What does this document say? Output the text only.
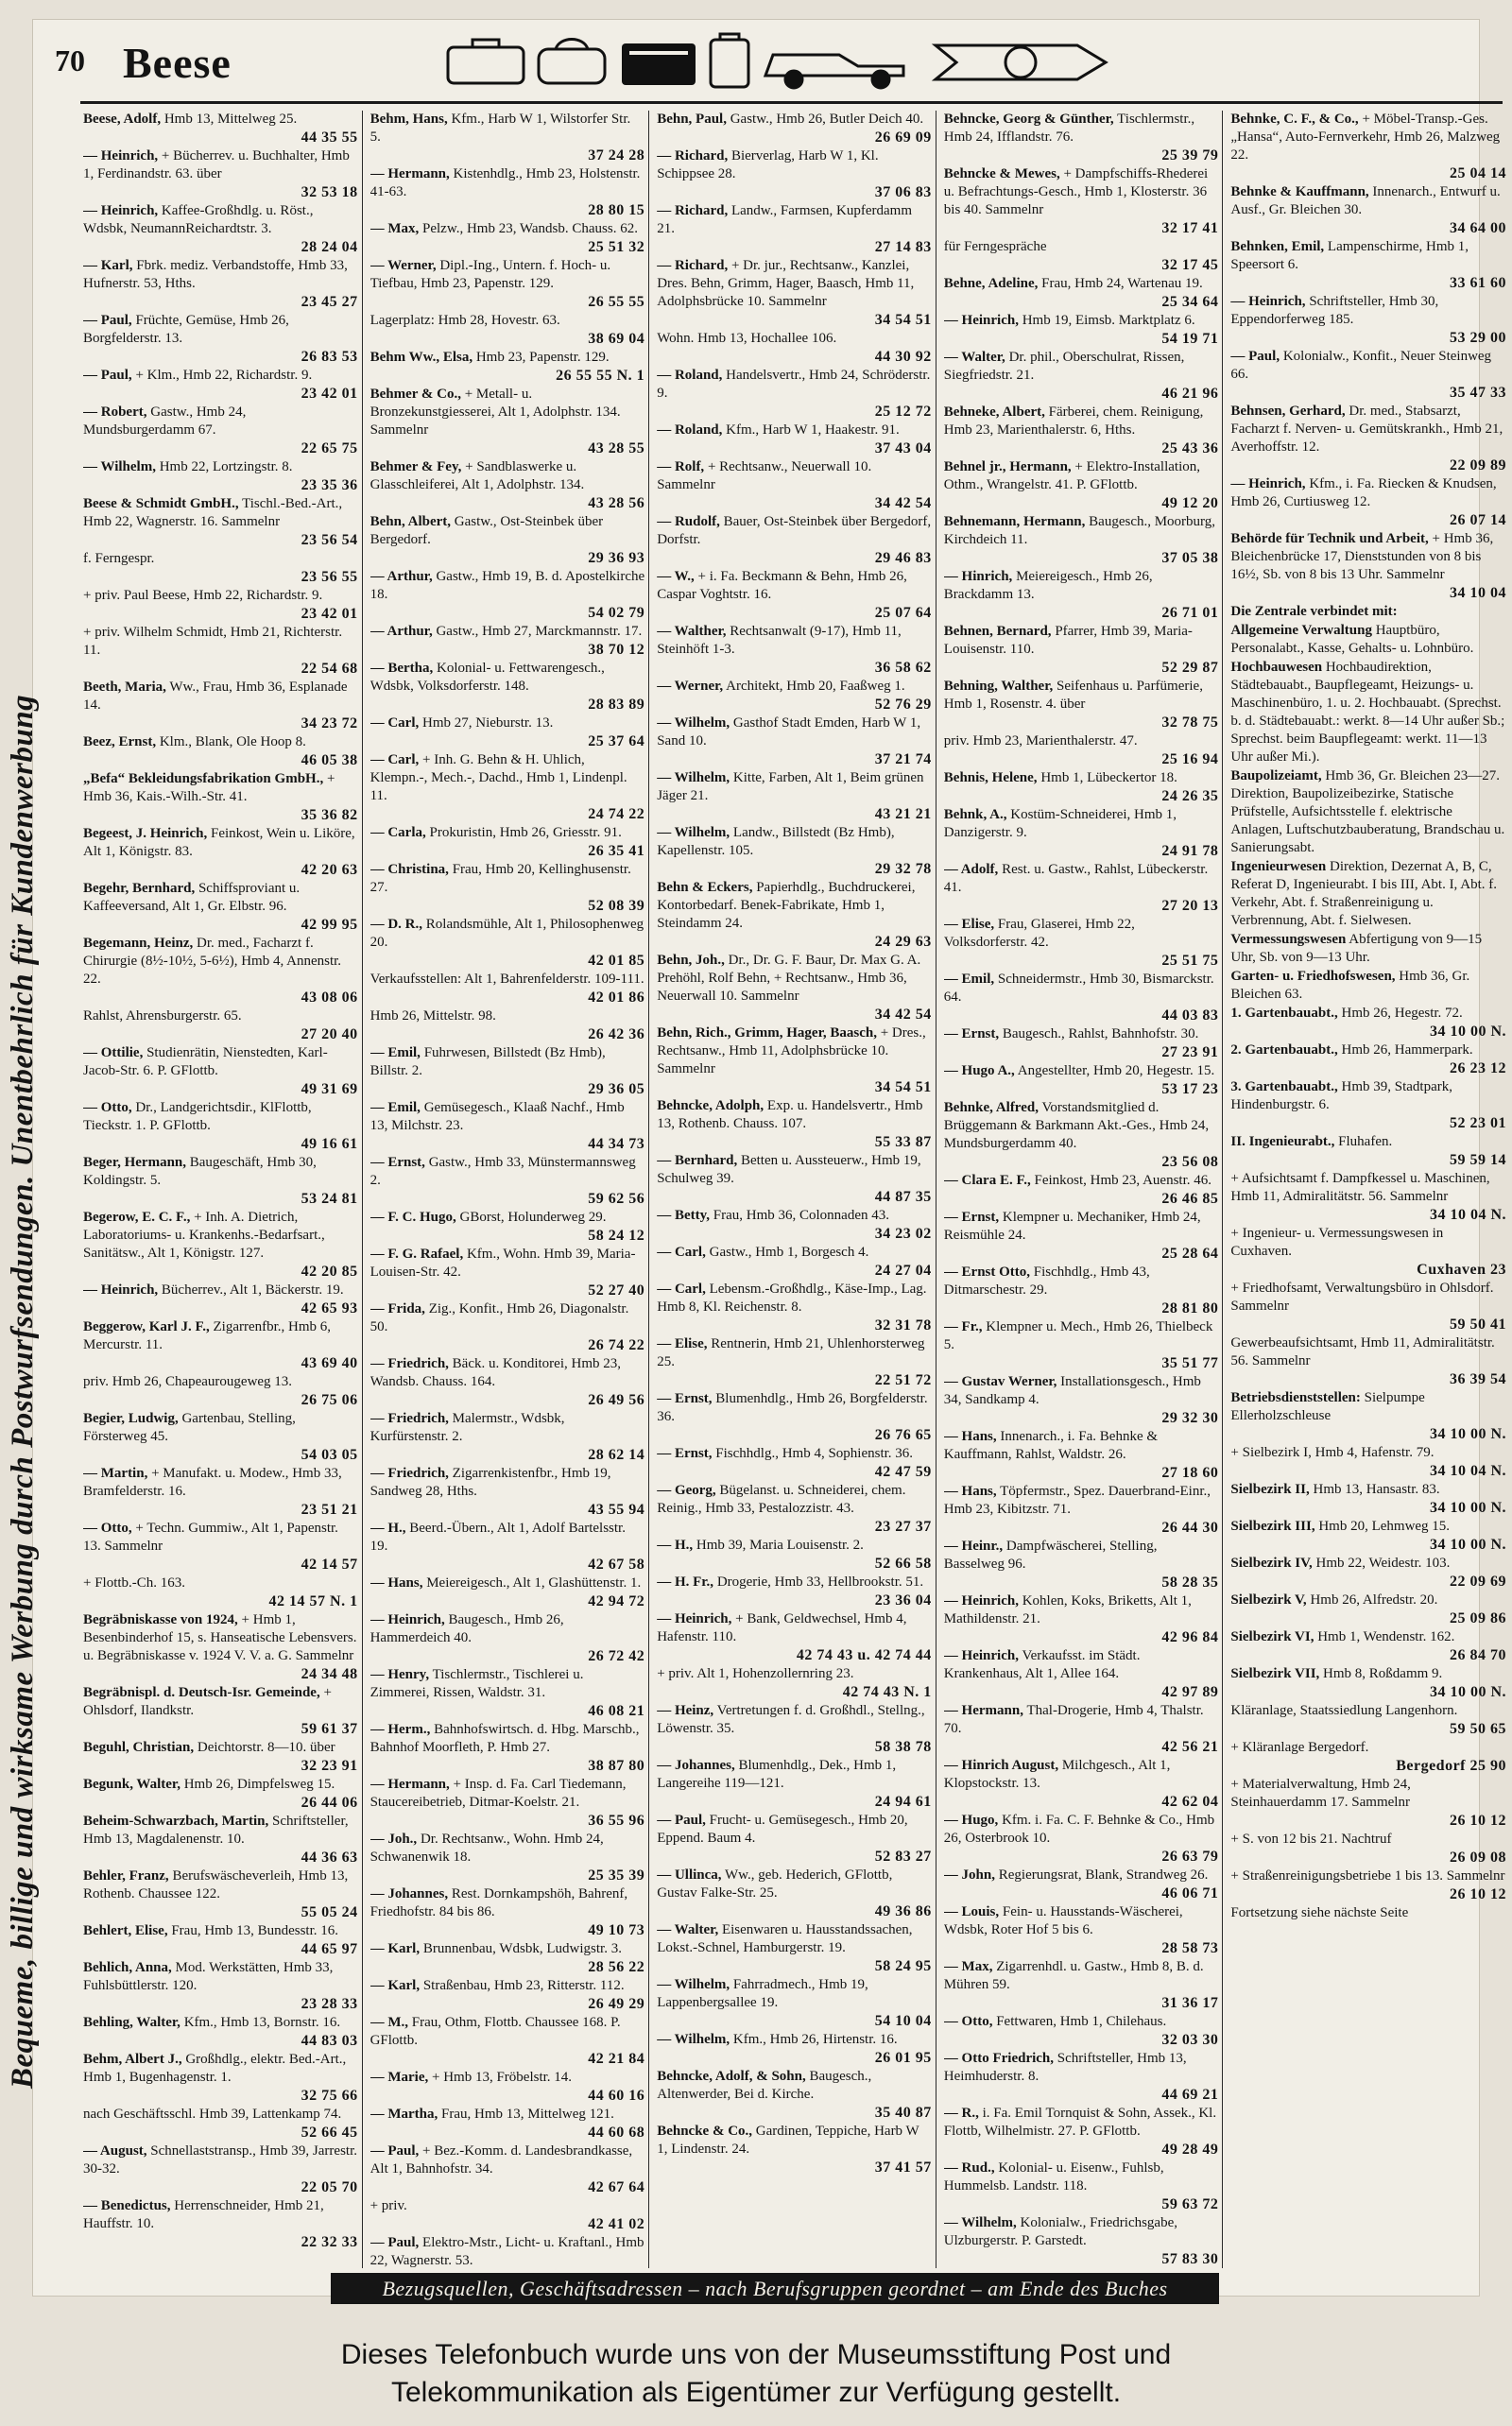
70 Beese
Bequeme, billige und wirksame Werbung durch Postwurfsendungen. Unentbehrlich für Kundenwerbung
Beese, Adolf, Hmb 13, Mittelweg 25.
44 35 55
— Heinrich, + Bücherrev. u. Buchhalter, Hmb 1, Ferdinandstr. 63. über
32 53 18
— Heinrich, Kaffee-Großhdlg. u. Röst., Wdsbk, NeumannReichardtstr. 3.
28 24 04
— Karl, Fbrk. mediz. Verbandstoffe, Hmb 33, Hufnerstr. 53, Hths.
23 45 27
— Paul, Früchte, Gemüse, Hmb 26, Borgfelderstr. 13.
26 83 53
— Paul, + Klm., Hmb 22, Richardstr. 9.
23 42 01
— Robert, Gastw., Hmb 24, Mundsburgerdamm 67.
22 65 75
— Wilhelm, Hmb 22, Lortzingstr. 8.
23 35 36
Beese & Schmidt GmbH., Tischl.-Bed.-Art., Hmb 22, Wagnerstr. 16. Sammelnr
23 56 54
f. Ferngespr.
23 56 55
+ priv. Paul Beese, Hmb 22, Richardstr. 9.
23 42 01
+ priv. Wilhelm Schmidt, Hmb 21, Richterstr. 11.
22 54 68
Beeth, Maria, Ww., Frau, Hmb 36, Esplanade 14.
34 23 72
Beez, Ernst, Klm., Blank, Ole Hoop 8.
46 05 38
„Befa“ Bekleidungsfabrikation GmbH., + Hmb 36, Kais.-Wilh.-Str. 41.
35 36 82
Begeest, J. Heinrich, Feinkost, Wein u. Liköre, Alt 1, Königstr. 83.
42 20 63
Begehr, Bernhard, Schiffsproviant u. Kaffeeversand, Alt 1, Gr. Elbstr. 96.
42 99 95
Begemann, Heinz, Dr. med., Facharzt f. Chirurgie (8½-10½, 5-6½), Hmb 4, Annenstr. 22.
43 08 06
Rahlst, Ahrensburgerstr. 65.
27 20 40
— Ottilie, Studienrätin, Nienstedten, Karl-Jacob-Str. 6. P. GFlottb.
49 31 69
— Otto, Dr., Landgerichtsdir., KlFlottb, Tieckstr. 1. P. GFlottb.
49 16 61
Beger, Hermann, Baugeschäft, Hmb 30, Koldingstr. 5.
53 24 81
Begerow, E. C. F., + Inh. A. Dietrich, Laboratoriums- u. Krankenhs.-Bedarfsart., Sanitätsw., Alt 1, Königstr. 127.
42 20 85
— Heinrich, Bücherrev., Alt 1, Bäckerstr. 19.
42 65 93
Beggerow, Karl J. F., Zigarrenfbr., Hmb 6, Mercurstr. 11.
43 69 40
priv. Hmb 26, Chapeaurougeweg 13.
26 75 06
Begier, Ludwig, Gartenbau, Stelling, Försterweg 45.
54 03 05
— Martin, + Manufakt. u. Modew., Hmb 33, Bramfelderstr. 16.
23 51 21
— Otto, + Techn. Gummiw., Alt 1, Papenstr. 13. Sammelnr
42 14 57
+ Flottb.-Ch. 163.
42 14 57 N. 1
Begräbniskasse von 1924, + Hmb 1, Besenbinderhof 15, s. Hanseatische Lebensvers. u. Begräbniskasse v. 1924 V. V. a. G. Sammelnr
24 34 48
Begräbnispl. d. Deutsch-Isr. Gemeinde, + Ohlsdorf, Ilandkstr.
59 61 37
Beguhl, Christian, Deichtorstr. 8—10. über
32 23 91
Begunk, Walter, Hmb 26, Dimpfelsweg 15.
26 44 06
Beheim-Schwarzbach, Martin, Schriftsteller, Hmb 13, Magdalenenstr. 10.
44 36 63
Behler, Franz, Berufswäscheverleih, Hmb 13, Rothenb. Chaussee 122.
55 05 24
Behlert, Elise, Frau, Hmb 13, Bundesstr. 16.
44 65 97
Behlich, Anna, Mod. Werkstätten, Hmb 33, Fuhlsbüttlerstr. 120.
23 28 33
Behling, Walter, Kfm., Hmb 13, Bornstr. 16.
44 83 03
Behm, Albert J., Großhdlg., elektr. Bed.-Art., Hmb 1, Bugenhagenstr. 1.
32 75 66
nach Geschäftsschl. Hmb 39, Lattenkamp 74.
52 66 45
— August, Schnellaststransp., Hmb 39, Jarrestr. 30-32.
22 05 70
— Benedictus, Herrenschneider, Hmb 21, Hauffstr. 10.
22 32 33
Behm, Hans, Kfm., Harb W 1, Wilstorfer Str. 5.
37 24 28
— Hermann, Kistenhdlg., Hmb 23, Holstenstr. 41-63.
28 80 15
— Max, Pelzw., Hmb 23, Wandsb. Chauss. 62.
25 51 32
— Werner, Dipl.-Ing., Untern. f. Hoch- u. Tiefbau, Hmb 23, Papenstr. 129.
26 55 55
Lagerplatz: Hmb 28, Hovestr. 63.
38 69 04
Behm Ww., Elsa, Hmb 23, Papenstr. 129.
26 55 55 N. 1
Behmer & Co., + Metall- u. Bronzekunstgiesserei, Alt 1, Adolphstr. 134. Sammelnr
43 28 55
Behmer & Fey, + Sandblaswerke u. Glasschleiferei, Alt 1, Adolphstr. 134.
43 28 56
Behn, Albert, Gastw., Ost-Steinbek über Bergedorf.
29 36 93
— Arthur, Gastw., Hmb 19, B. d. Apostelkirche 18.
54 02 79
— Arthur, Gastw., Hmb 27, Marckmannstr. 17.
38 70 12
— Bertha, Kolonial- u. Fettwarengesch., Wdsbk, Volksdorferstr. 148.
28 83 89
— Carl, Hmb 27, Nieburstr. 13.
25 37 64
— Carl, + Inh. G. Behn & H. Uhlich, Klempn.-, Mech.-, Dachd., Hmb 1, Lindenpl. 11.
24 74 22
— Carla, Prokuristin, Hmb 26, Griesstr. 91.
26 35 41
— Christina, Frau, Hmb 20, Kellinghusenstr. 27.
52 08 39
— D. R., Rolandsmühle, Alt 1, Philosophenweg 20.
42 01 85
Verkaufsstellen: Alt 1, Bahrenfelderstr. 109-111.
42 01 86
Hmb 26, Mittelstr. 98.
26 42 36
— Emil, Fuhrwesen, Billstedt (Bz Hmb), Billstr. 2.
29 36 05
— Emil, Gemüsegesch., Klaaß Nachf., Hmb 13, Milchstr. 23.
44 34 73
— Ernst, Gastw., Hmb 33, Münstermannsweg 2.
59 62 56
— F. C. Hugo, GBorst, Holunderweg 29.
58 24 12
— F. G. Rafael, Kfm., Wohn. Hmb 39, Maria-Louisen-Str. 42.
52 27 40
— Frida, Zig., Konfit., Hmb 26, Diagonalstr. 50.
26 74 22
— Friedrich, Bäck. u. Konditorei, Hmb 23, Wandsb. Chauss. 164.
26 49 56
— Friedrich, Malermstr., Wdsbk, Kurfürstenstr. 2.
28 62 14
— Friedrich, Zigarrenkistenfbr., Hmb 19, Sandweg 28, Hths.
43 55 94
— H., Beerd.-Übern., Alt 1, Adolf Bartelsstr. 19.
42 67 58
— Hans, Meiereigesch., Alt 1, Glashüttenstr. 1.
42 94 72
— Heinrich, Baugesch., Hmb 26, Hammerdeich 40.
26 72 42
— Henry, Tischlermstr., Tischlerei u. Zimmerei, Rissen, Waldstr. 31.
46 08 21
— Herm., Bahnhofswirtsch. d. Hbg. Marschb., Bahnhof Moorfleth, P. Hmb 27.
38 87 80
— Hermann, + Insp. d. Fa. Carl Tiedemann, Staucereibetrieb, Ditmar-Koelstr. 21.
36 55 96
— Joh., Dr. Rechtsanw., Wohn. Hmb 24, Schwanenwik 18.
25 35 39
— Johannes, Rest. Dornkampshöh, Bahrenf, Friedhofstr. 84 bis 86.
49 10 73
— Karl, Brunnenbau, Wdsbk, Ludwigstr. 3.
28 56 22
— Karl, Straßenbau, Hmb 23, Ritterstr. 112.
26 49 29
— M., Frau, Othm, Flottb. Chaussee 168. P. GFlottb.
42 21 84
— Marie, + Hmb 13, Fröbelstr. 14.
44 60 16
— Martha, Frau, Hmb 13, Mittelweg 121.
44 60 68
— Paul, + Bez.-Komm. d. Landesbrandkasse, Alt 1, Bahnhofstr. 34.
42 67 64
+ priv.
42 41 02
— Paul, Elektro-Mstr., Licht- u. Kraftanl., Hmb 22, Wagnerstr. 53.
Behn, Paul, Gastw., Hmb 26, Butler Deich 40.
26 69 09
— Richard, Bierverlag, Harb W 1, Kl. Schippsee 28.
37 06 83
— Richard, Landw., Farmsen, Kupferdamm 21.
27 14 83
— Richard, + Dr. jur., Rechtsanw., Kanzlei, Dres. Behn, Grimm, Hager, Baasch, Hmb 11, Adolphsbrücke 10. Sammelnr
34 54 51
Wohn. Hmb 13, Hochallee 106.
44 30 92
— Roland, Handelsvertr., Hmb 24, Schröderstr. 9.
25 12 72
— Roland, Kfm., Harb W 1, Haakestr. 91.
37 43 04
— Rolf, + Rechtsanw., Neuerwall 10. Sammelnr
34 42 54
— Rudolf, Bauer, Ost-Steinbek über Bergedorf, Dorfstr.
29 46 83
— W., + i. Fa. Beckmann & Behn, Hmb 26, Caspar Voghtstr. 16.
25 07 64
— Walther, Rechtsanwalt (9-17), Hmb 11, Steinhöft 1-3.
36 58 62
— Werner, Architekt, Hmb 20, Faaßweg 1.
52 76 29
— Wilhelm, Gasthof Stadt Emden, Harb W 1, Sand 10.
37 21 74
— Wilhelm, Kitte, Farben, Alt 1, Beim grünen Jäger 21.
43 21 21
— Wilhelm, Landw., Billstedt (Bz Hmb), Kapellenstr. 105.
29 32 78
Behn & Eckers, Papierhdlg., Buchdruckerei, Kontorbedarf. Benek-Fabrikate, Hmb 1, Steindamm 24.
24 29 63
Behn, Joh., Dr., Dr. G. F. Baur, Dr. Max G. A. Prehöhl, Rolf Behn, + Rechtsanw., Hmb 36, Neuerwall 10. Sammelnr
34 42 54
Behn, Rich., Grimm, Hager, Baasch, + Dres., Rechtsanw., Hmb 11, Adolphsbrücke 10. Sammelnr
34 54 51
Behncke, Adolph, Exp. u. Handelsvertr., Hmb 13, Rothenb. Chauss. 107.
55 33 87
— Bernhard, Betten u. Aussteuerw., Hmb 19, Schulweg 39.
44 87 35
— Betty, Frau, Hmb 36, Colonnaden 43.
34 23 02
— Carl, Gastw., Hmb 1, Borgesch 4.
24 27 04
— Carl, Lebensm.-Großhdlg., Käse-Imp., Lag. Hmb 8, Kl. Reichenstr. 8.
32 31 78
— Elise, Rentnerin, Hmb 21, Uhlenhorsterweg 25.
22 51 72
— Ernst, Blumenhdlg., Hmb 26, Borgfelderstr. 36.
26 76 65
— Ernst, Fischhdlg., Hmb 4, Sophienstr. 36.
42 47 59
— Georg, Bügelanst. u. Schneiderei, chem. Reinig., Hmb 33, Pestalozzistr. 43.
23 27 37
— H., Hmb 39, Maria Louisenstr. 2.
52 66 58
— H. Fr., Drogerie, Hmb 33, Hellbrookstr. 51.
23 36 04
— Heinrich, + Bank, Geldwechsel, Hmb 4, Hafenstr. 110.
42 74 43 u. 42 74 44
+ priv. Alt 1, Hohenzollernring 23.
42 74 43 N. 1
— Heinz, Vertretungen f. d. Großhdl., Stellng., Löwenstr. 35.
58 38 78
— Johannes, Blumenhdlg., Dek., Hmb 1, Langereihe 119—121.
24 94 61
— Paul, Frucht- u. Gemüsegesch., Hmb 20, Eppend. Baum 4.
52 83 27
— Ullinca, Ww., geb. Hederich, GFlottb, Gustav Falke-Str. 25.
49 36 86
— Walter, Eisenwaren u. Hausstandssachen, Lokst.-Schnel, Hamburgerstr. 19.
58 24 95
— Wilhelm, Fahrradmech., Hmb 19, Lappenbergsallee 19.
54 10 04
— Wilhelm, Kfm., Hmb 26, Hirtenstr. 16.
26 01 95
Behncke, Adolf, & Sohn, Baugesch., Altenwerder, Bei d. Kirche.
35 40 87
Behncke & Co., Gardinen, Teppiche, Harb W 1, Lindenstr. 24.
37 41 57
Behncke, Georg & Günther, Tischlermstr., Hmb 24, Ifflandstr. 76.
25 39 79
Behncke & Mewes, + Dampfschiffs-Rhederei u. Befrachtungs-Gesch., Hmb 1, Klosterstr. 36 bis 40. Sammelnr
32 17 41
für Ferngespräche
32 17 45
Behne, Adeline, Frau, Hmb 24, Wartenau 19.
25 34 64
— Heinrich, Hmb 19, Eimsb. Marktplatz 6.
54 19 71
— Walter, Dr. phil., Oberschulrat, Rissen, Siegfriedstr. 21.
46 21 96
Behneke, Albert, Färberei, chem. Reinigung, Hmb 23, Marienthalerstr. 6, Hths.
25 43 36
Behnel jr., Hermann, + Elektro-Installation, Othm., Wrangelstr. 41. P. GFlottb.
49 12 20
Behnemann, Hermann, Baugesch., Moorburg, Kirchdeich 11.
37 05 38
— Hinrich, Meiereigesch., Hmb 26, Brackdamm 13.
26 71 01
Behnen, Bernard, Pfarrer, Hmb 39, Maria-Louisenstr. 110.
52 29 87
Behning, Walther, Seifenhaus u. Parfümerie, Hmb 1, Rosenstr. 4. über
32 78 75
priv. Hmb 23, Marienthalerstr. 47.
25 16 94
Behnis, Helene, Hmb 1, Lübeckertor 18.
24 26 35
Behnk, A., Kostüm-Schneiderei, Hmb 1, Danzigerstr. 9.
24 91 78
— Adolf, Rest. u. Gastw., Rahlst, Lübeckerstr. 41.
27 20 13
— Elise, Frau, Glaserei, Hmb 22, Volksdorferstr. 42.
25 51 75
— Emil, Schneidermstr., Hmb 30, Bismarckstr. 64.
44 03 83
— Ernst, Baugesch., Rahlst, Bahnhofstr. 30.
27 23 91
— Hugo A., Angestellter, Hmb 20, Hegestr. 15.
53 17 23
Behnke, Alfred, Vorstandsmitglied d. Brüggemann & Barkmann Akt.-Ges., Hmb 24, Mundsburgerdamm 40.
23 56 08
— Clara E. F., Feinkost, Hmb 23, Auenstr. 46.
26 46 85
— Ernst, Klempner u. Mechaniker, Hmb 24, Reismühle 24.
25 28 64
— Ernst Otto, Fischhdlg., Hmb 43, Ditmarschestr. 29.
28 81 80
— Fr., Klempner u. Mech., Hmb 26, Thielbeck 5.
35 51 77
— Gustav Werner, Installationsgesch., Hmb 34, Sandkamp 4.
29 32 30
— Hans, Innenarch., i. Fa. Behnke & Kauffmann, Rahlst, Waldstr. 26.
27 18 60
— Hans, Töpfermstr., Spez. Dauerbrand-Einr., Hmb 23, Kibitzstr. 71.
26 44 30
— Heinr., Dampfwäscherei, Stelling, Basselweg 96.
58 28 35
— Heinrich, Kohlen, Koks, Briketts, Alt 1, Mathildenstr. 21.
42 96 84
— Heinrich, Verkaufsst. im Städt. Krankenhaus, Alt 1, Allee 164.
42 97 89
— Hermann, Thal-Drogerie, Hmb 4, Thalstr. 70.
42 56 21
— Hinrich August, Milchgesch., Alt 1, Klopstockstr. 13.
42 62 04
— Hugo, Kfm. i. Fa. C. F. Behnke & Co., Hmb 26, Osterbrook 10.
26 63 79
— John, Regierungsrat, Blank, Strandweg 26.
46 06 71
— Louis, Fein- u. Hausstands-Wäscherei, Wdsbk, Roter Hof 5 bis 6.
28 58 73
— Max, Zigarrenhdl. u. Gastw., Hmb 8, B. d. Mühren 59.
31 36 17
— Otto, Fettwaren, Hmb 1, Chilehaus.
32 03 30
— Otto Friedrich, Schriftsteller, Hmb 13, Heimhuderstr. 8.
44 69 21
— R., i. Fa. Emil Tornquist & Sohn, Assek., Kl. Flottb, Wilhelmistr. 27. P. GFlottb.
49 28 49
— Rud., Kolonial- u. Eisenw., Fuhlsb, Hummelsb. Landstr. 118.
59 63 72
— Wilhelm, Kolonialw., Friedrichsgabe, Ulzburgerstr. P. Garstedt.
57 83 30
Behnke, C. F., & Co., + Möbel-Transp.-Ges. „Hansa“, Auto-Fernverkehr, Hmb 26, Malzweg 22.
25 04 14
Behnke & Kauffmann, Innenarch., Entwurf u. Ausf., Gr. Bleichen 30.
34 64 00
Behnken, Emil, Lampenschirme, Hmb 1, Speersort 6.
33 61 60
— Heinrich, Schriftsteller, Hmb 30, Eppendorferweg 185.
53 29 00
— Paul, Kolonialw., Konfit., Neuer Steinweg 66.
35 47 33
Behnsen, Gerhard, Dr. med., Stabsarzt, Facharzt f. Nerven- u. Gemütskrankh., Hmb 21, Averhoffstr. 12.
22 09 89
— Heinrich, Kfm., i. Fa. Riecken & Knudsen, Hmb 26, Curtiusweg 12.
26 07 14
Behörde für Technik und Arbeit, + Hmb 36, Bleichenbrücke 17, Dienststunden von 8 bis 16½, Sb. von 8 bis 13 Uhr. Sammelnr
34 10 04
Die Zentrale verbindet mit:
Allgemeine Verwaltung Hauptbüro, Personalabt., Kasse, Gehalts- u. Lohnbüro.
Hochbauwesen Hochbaudirektion, Städtebauabt., Baupflegeamt, Heizungs- u. Maschinenbüro, 1. u. 2. Hochbauabt. (Sprechst. b. d. Städtebauabt.: werkt. 8—14 Uhr außer Sb.; Sprechst. beim Baupflegeamt: werkt. 11—13 Uhr außer Mi.).
Baupolizeiamt, Hmb 36, Gr. Bleichen 23—27. Direktion, Baupolizeibezirke, Statische Prüfstelle, Aufsichtsstelle f. elektrische Anlagen, Luftschutzbauberatung, Brandschau u. Sanierungsabt.
Ingenieurwesen Direktion, Dezernat A, B, C, Referat D, Ingenieurabt. I bis III, Abt. I, Abt. f. Verkehr, Abt. f. Straßenreinigung u. Verbrennung, Abt. f. Sielwesen.
Vermessungswesen Abfertigung von 9—15 Uhr, Sb. von 9—13 Uhr.
Garten- u. Friedhofswesen, Hmb 36, Gr. Bleichen 63.
1. Gartenbauabt., Hmb 26, Hegestr. 72.
34 10 00 N.
2. Gartenbauabt., Hmb 26, Hammerpark.
26 23 12
3. Gartenbauabt., Hmb 39, Stadtpark, Hindenburgstr. 6.
52 23 01
II. Ingenieurabt., Fluhafen.
59 59 14
+ Aufsichtsamt f. Dampfkessel u. Maschinen, Hmb 11, Admiralitätstr. 56. Sammelnr
34 10 04 N.
+ Ingenieur- u. Vermessungswesen in Cuxhaven.
Cuxhaven 23
+ Friedhofsamt, Verwaltungsbüro in Ohlsdorf. Sammelnr
59 50 41
Gewerbeaufsichtsamt, Hmb 11, Admiralitätstr. 56. Sammelnr
36 39 54
Betriebsdienststellen: Sielpumpe Ellerholzschleuse
34 10 00 N.
+ Sielbezirk I, Hmb 4, Hafenstr. 79.
34 10 04 N.
Sielbezirk II, Hmb 13, Hansastr. 83.
34 10 00 N.
Sielbezirk III, Hmb 20, Lehmweg 15.
34 10 00 N.
Sielbezirk IV, Hmb 22, Weidestr. 103.
22 09 69
Sielbezirk V, Hmb 26, Alfredstr. 20.
25 09 86
Sielbezirk VI, Hmb 1, Wendenstr. 162.
26 84 70
Sielbezirk VII, Hmb 8, Roßdamm 9.
34 10 00 N.
Kläranlage, Staatssiedlung Langenhorn.
59 50 65
+ Kläranlage Bergedorf.
Bergedorf 25 90
+ Materialverwaltung, Hmb 24, Steinhauerdamm 17. Sammelnr
26 10 12
+ S. von 12 bis 21. Nachtruf
26 09 08
+ Straßenreinigungsbetriebe 1 bis 13. Sammelnr
26 10 12
Fortsetzung siehe nächste Seite
Bezugsquellen, Geschäftsadressen – nach Berufsgruppen geordnet – am Ende des Buches
Dieses Telefonbuch wurde uns von der Museumsstiftung Post und
Telekommunikation als Eigentümer zur Verfügung gestellt.
